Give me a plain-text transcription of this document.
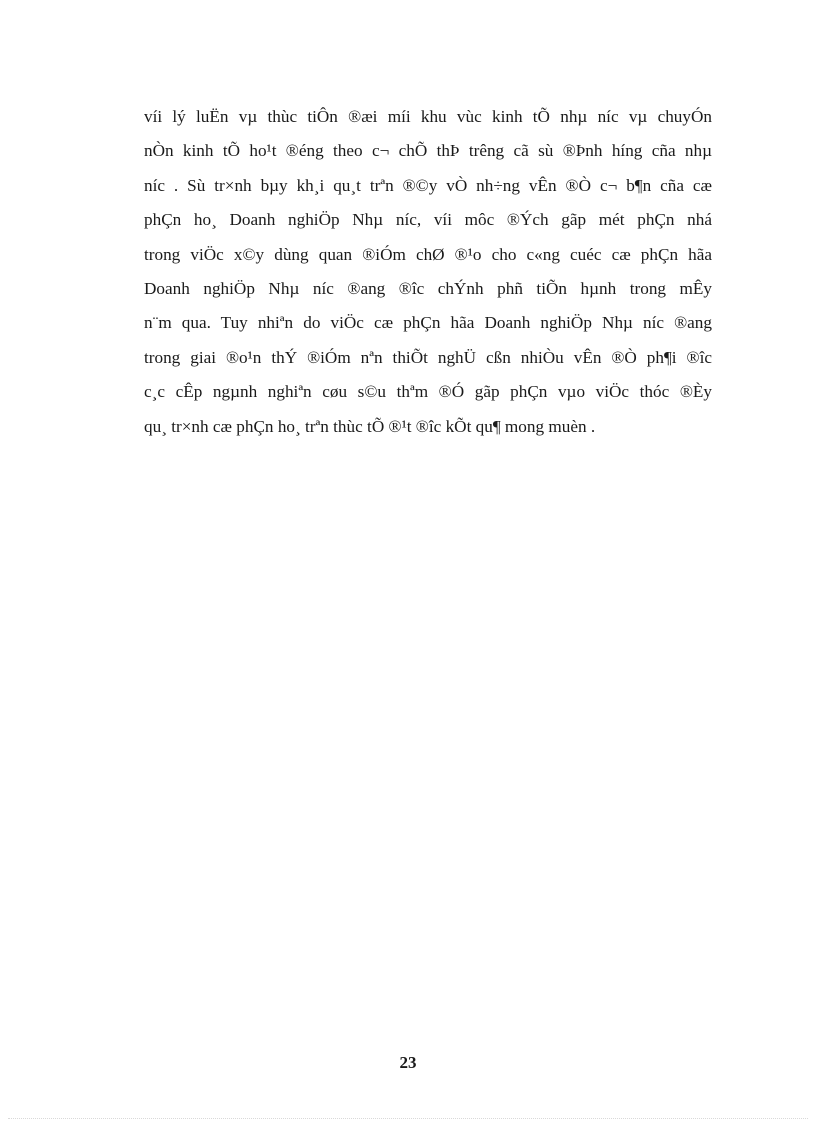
víi lý luËn vµ thùc tiÔn ®æi míi khu vùc kinh tÕ nhµ níc vµ chuyÓn
nÒn kinh tÕ ho¹t ®éng theo c¬ chÕ thÞ trêng cã sù ®Þnh híng cña nhµ
níc . Sù tr×nh bµy kh¸i qu¸t trªn ®©y vÒ nh÷ng vÊn ®Ò c¬ b¶n cña cæ
phÇn ho¸ Doanh nghiÖp Nhµ níc, víi môc ®Ých gãp mét phÇn nhá
trong viÖc x©y dùng quan ®iÓm chØ ®¹o cho c«ng cuéc cæ phÇn hãa
Doanh nghiÖp Nhµ níc ®ang ®îc chÝnh phñ tiÕn hµnh trong mÊy
n¨m qua. Tuy nhiªn do viÖc cæ phÇn hãa Doanh nghiÖp Nhµ níc ®ang
trong giai ®o¹n thÝ ®iÓm nªn thiÕt nghÜ cßn nhiÒu vÊn ®Ò ph¶i ®îc
c¸c cÊp ngµnh nghiªn cøu s©u thªm ®Ó gãp phÇn vµo viÖc thóc ®Èy
qu¸ tr×nh cæ phÇn ho¸ trªn thùc tÕ ®¹t ®îc kÕt qu¶ mong muèn .
23
